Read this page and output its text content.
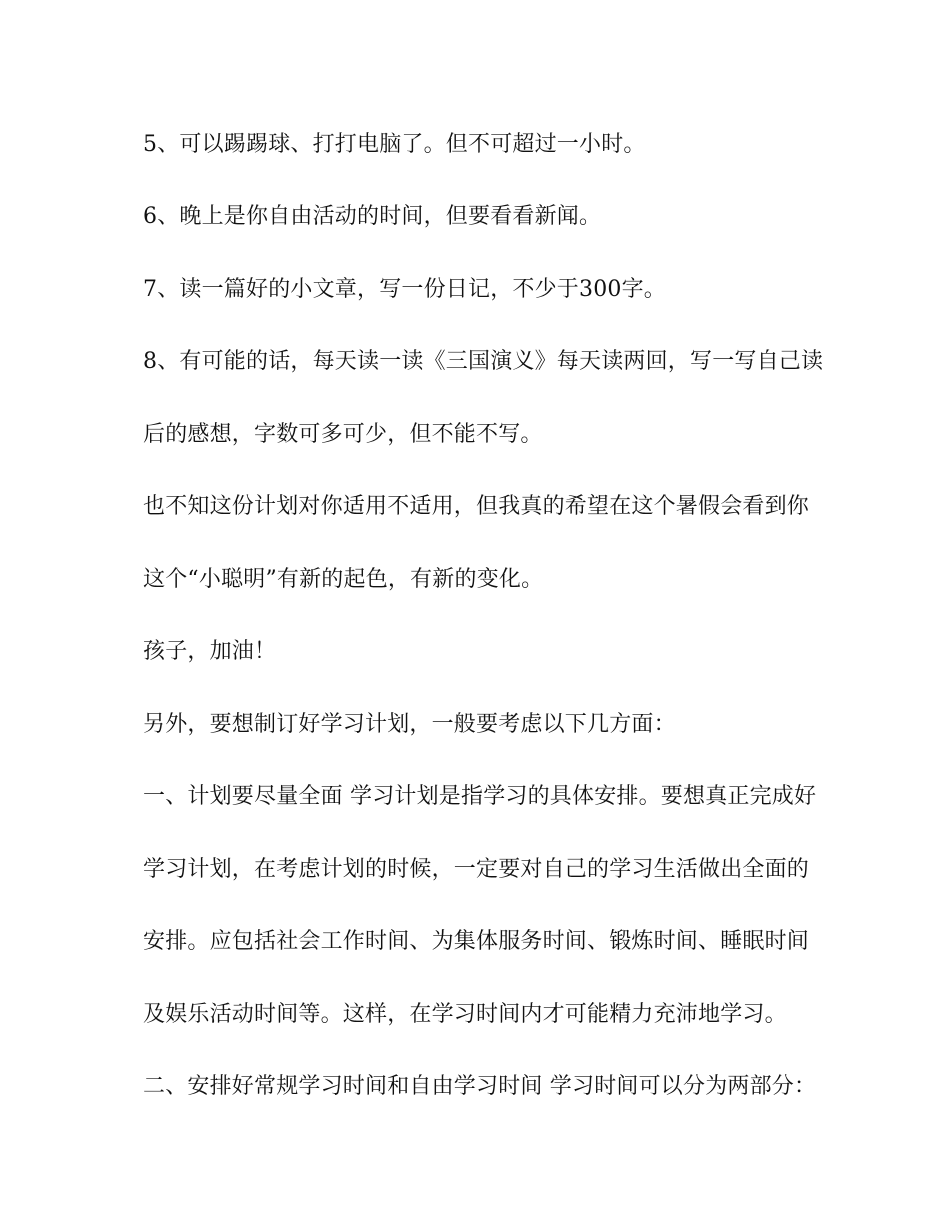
5、可以踢踢球、打打电脑了。但不可超过一小时。
6、晚上是你自由活动的时间，但要看看新闻。
7、读一篇好的小文章，写一份日记，不少于300字。
8、有可能的话，每天读一读《三国演义》每天读两回，写一写自己读
后的感想，字数可多可少，但不能不写。
也不知这份计划对你适用不适用，但我真的希望在这个暑假会看到你
这个“小聪明”有新的起色，有新的变化。
孩子，加油！
另外，要想制订好学习计划，一般要考虑以下几方面：
一、计划要尽量全面 学习计划是指学习的具体安排。要想真正完成好
学习计划，在考虑计划的时候，一定要对自己的学习生活做出全面的
安排。应包括社会工作时间、为集体服务时间、锻炼时间、睡眠时间
及娱乐活动时间等。这样，在学习时间内才可能精力充沛地学习。
二、安排好常规学习时间和自由学习时间 学习时间可以分为两部分：
